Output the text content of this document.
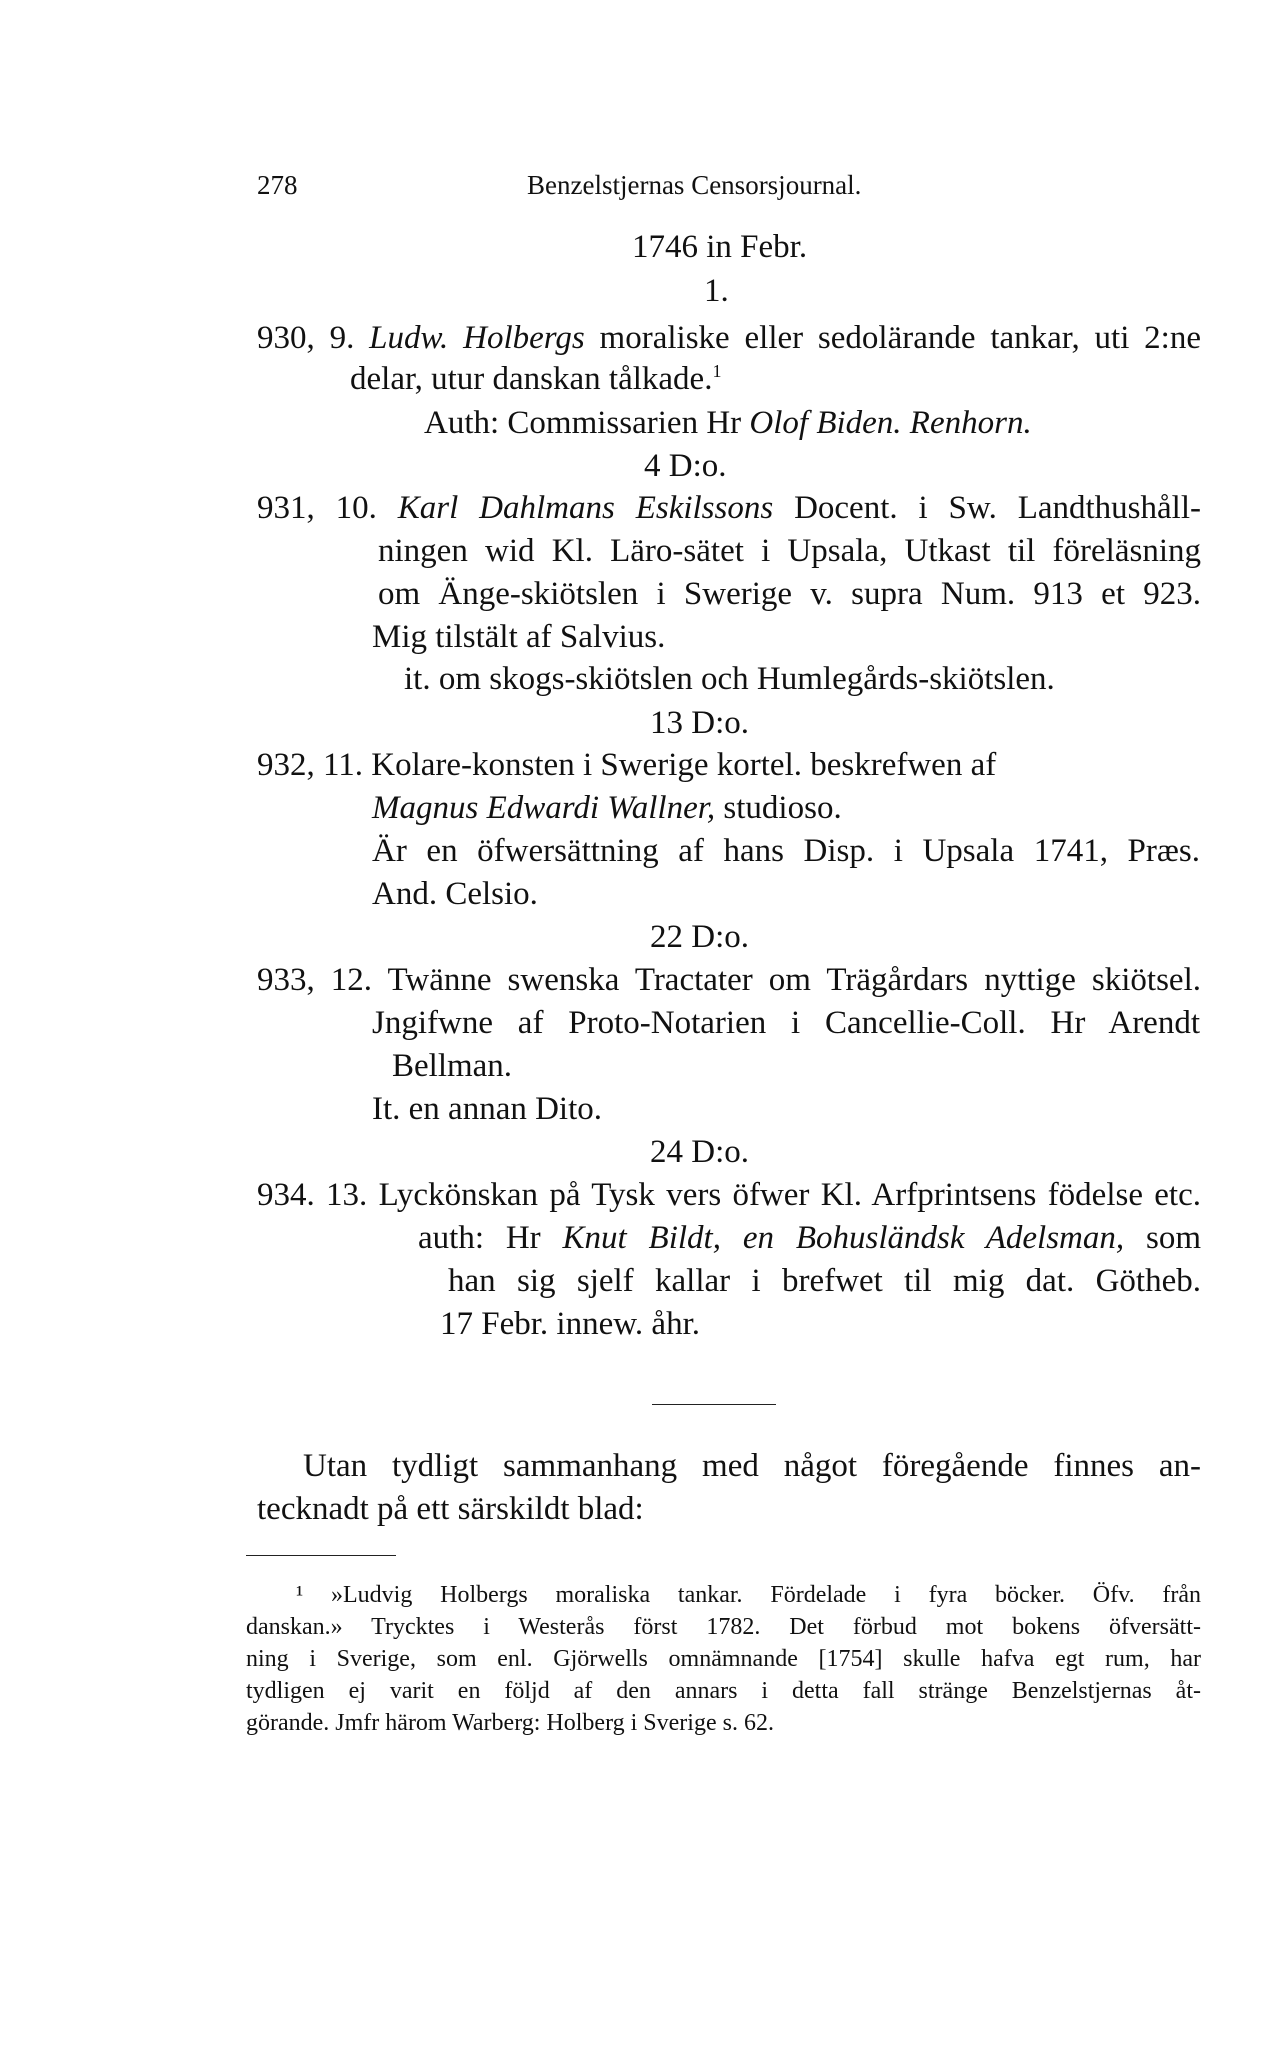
278	Benzelstjernas Censorsjournal.
1746 in Febr.
1.
930, 9. Ludw. Holbergs moraliske eller sedolärande tankar, uti 2:ne
delar, utur danskan tålkade.$^1$
Auth: Commissarien Hr Olof Biden. Renhorn.
4 D:o.
931, 10. Karl Dahlmans Eskilssons Docent. i Sw. Landthushåll-
ningen wid Kl. Läro-sätet i Upsala, Utkast til föreläsning
om Änge-skiötslen i Swerige v. supra Num. 913 et 923.
Mig tilstält af Salvius.
it. om skogs-skiötslen och Humlegårds-skiötslen.
13 D:o.
932, 11. Kolare-konsten i Swerige kortel. beskrefwen af
Magnus Edwardi Wallner, studioso.
Är en öfwersättning af hans Disp. i Upsala 1741, Præs.
And. Celsio.
22 D:o.
933, 12. Twänne swenska Tractater om Trägårdars nyttige skiötsel.
Jngifwne af Proto-Notarien i Cancellie-Coll. Hr Arendt
Bellman.
It. en annan Dito.
24 D:o.
934. 13. Lyckönskan på Tysk vers öfwer Kl. Arfprintsens födelse etc.
auth: Hr Knut Bildt, en Bohusländsk Adelsman, som
han sig sjelf kallar i brefwet til mig dat. Götheb.
17 Febr. innew. åhr.
Utan tydligt sammanhang med något föregående finnes an-
tecknadt på ett särskildt blad:
¹ »Ludvig Holbergs moraliska tankar. Fördelade i fyra böcker. Öfv. från
danskan.» Trycktes i Westerås först 1782. Det förbud mot bokens öfversätt-
ning i Sverige, som enl. Gjörwells omnämnande [1754] skulle hafva egt rum, har
tydligen ej varit en följd af den annars i detta fall stränge Benzelstjernas åt-
görande. Jmfr härom Warberg: Holberg i Sverige s. 62.
